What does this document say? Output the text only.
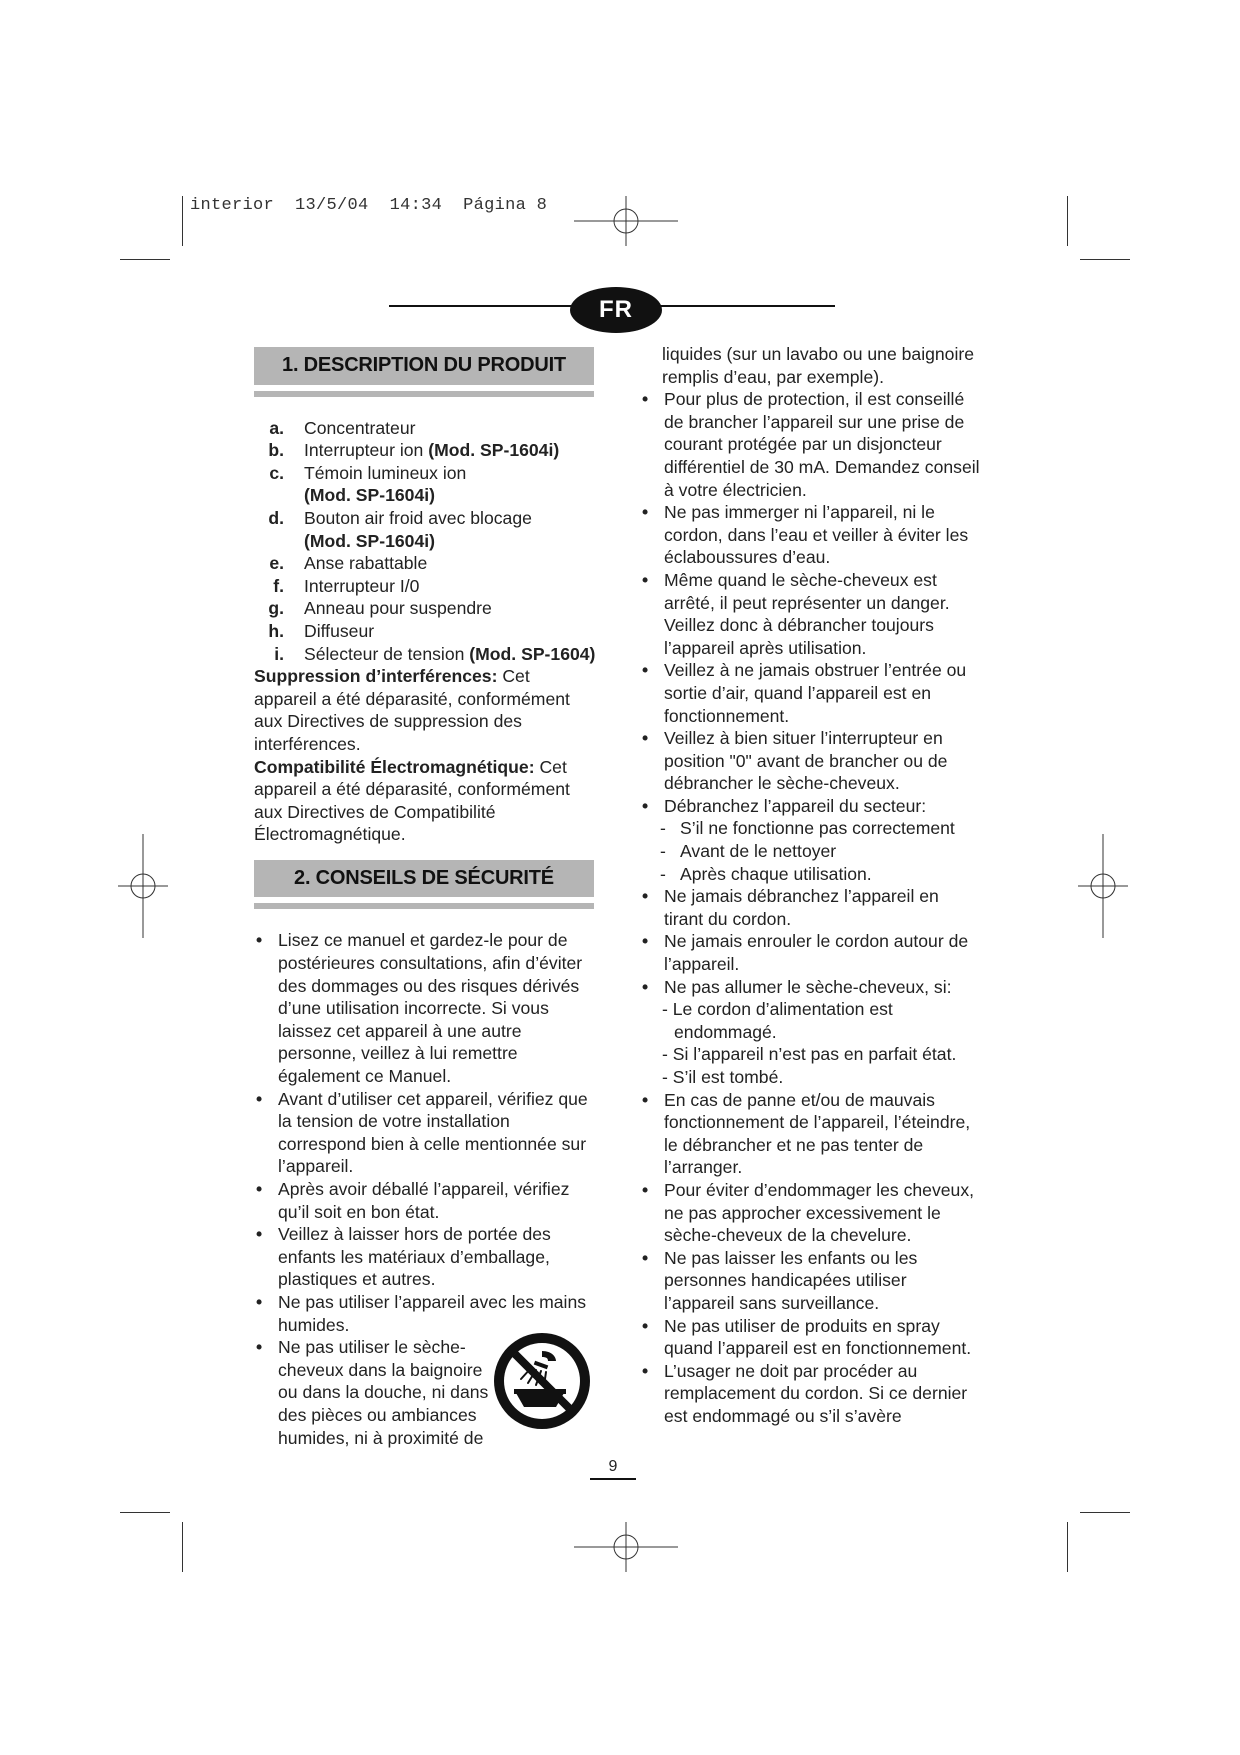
interior 13/5/04 14:34 Página 8
FR
1. DESCRIPTION DU PRODUIT
a.	Concentrateur
b.	Interrupteur ion (Mod. SP-1604i)
c.	Témoin lumineux ion
(Mod. SP-1604i)
d.	Bouton air froid avec blocage
(Mod. SP-1604i)
e.	Anse rabattable
f.	Interrupteur I/0
g.	Anneau pour suspendre
h.	Diffuseur
i.	Sélecteur de tension (Mod. SP-1604)

Suppression d’interférences: Cet appareil a été déparasité, conformément aux Directives de suppression des interférences.

Compatibilité Électromagnétique: Cet appareil a été déparasité, conformément aux Directives de Compatibilité Électromagnétique.

2. CONSEILS DE SÉCURITÉ
• Lisez ce manuel et gardez-le pour de postérieures consultations, afin d’éviter des dommages ou des risques dérivés d’une utilisation incorrecte. Si vous laissez cet appareil à une autre personne, veillez à lui remettre également ce Manuel.
• Avant d’utiliser cet appareil, vérifiez que la tension de votre installation correspond bien à celle mentionnée sur l’appareil.
• Après avoir déballé l’appareil, vérifiez qu’il soit en bon état.
• Veillez à laisser hors de portée des enfants les matériaux d’emballage, plastiques et autres.
• Ne pas utiliser l’appareil avec les mains humides.
• Ne pas utiliser le sèche-
cheveux dans la baignoire
ou dans la douche, ni dans
des pièces ou ambiances
humides, ni à proximité de
liquides (sur un lavabo ou une baignoire remplis d’eau, par exemple).
• Pour plus de protection, il est conseillé de brancher l’appareil sur une prise de courant protégée par un disjoncteur différentiel de 30 mA. Demandez conseil à votre électricien.
• Ne pas immerger ni l’appareil, ni le cordon, dans l’eau et veiller à éviter les éclaboussures d’eau.
• Même quand le sèche-cheveux est arrêté, il peut représenter un danger. Veillez donc à débrancher toujours l’appareil après utilisation.
• Veillez à ne jamais obstruer l’entrée ou sortie d’air, quand l’appareil est en fonctionnement.
• Veillez à bien situer l’interrupteur en position "0" avant de brancher ou de débrancher le sèche-cheveux.
• Débranchez l’appareil du secteur:
- S’il ne fonctionne pas correctement
- Avant de le nettoyer
- Après chaque utilisation.
• Ne jamais débranchez l’appareil en tirant du cordon.
• Ne jamais enrouler le cordon autour de l’appareil.
• Ne pas allumer le sèche-cheveux, si:
- Le cordon d’alimentation est
endommagé.
- Si l’appareil n’est pas en parfait état.
- S’il est tombé.
• En cas de panne et/ou de mauvais fonctionnement de l’appareil, l’éteindre, le débrancher et ne pas tenter de l’arranger.
• Pour éviter d’endommager les cheveux, ne pas approcher excessivement le sèche-cheveux de la chevelure.
• Ne pas laisser les enfants ou les personnes handicapées utiliser l’appareil sans surveillance.
• Ne pas utiliser de produits en spray quand l’appareil est en fonctionnement.
• L’usager ne doit par procéder au remplacement du cordon. Si ce dernier est endommagé ou s’il s’avère
9
